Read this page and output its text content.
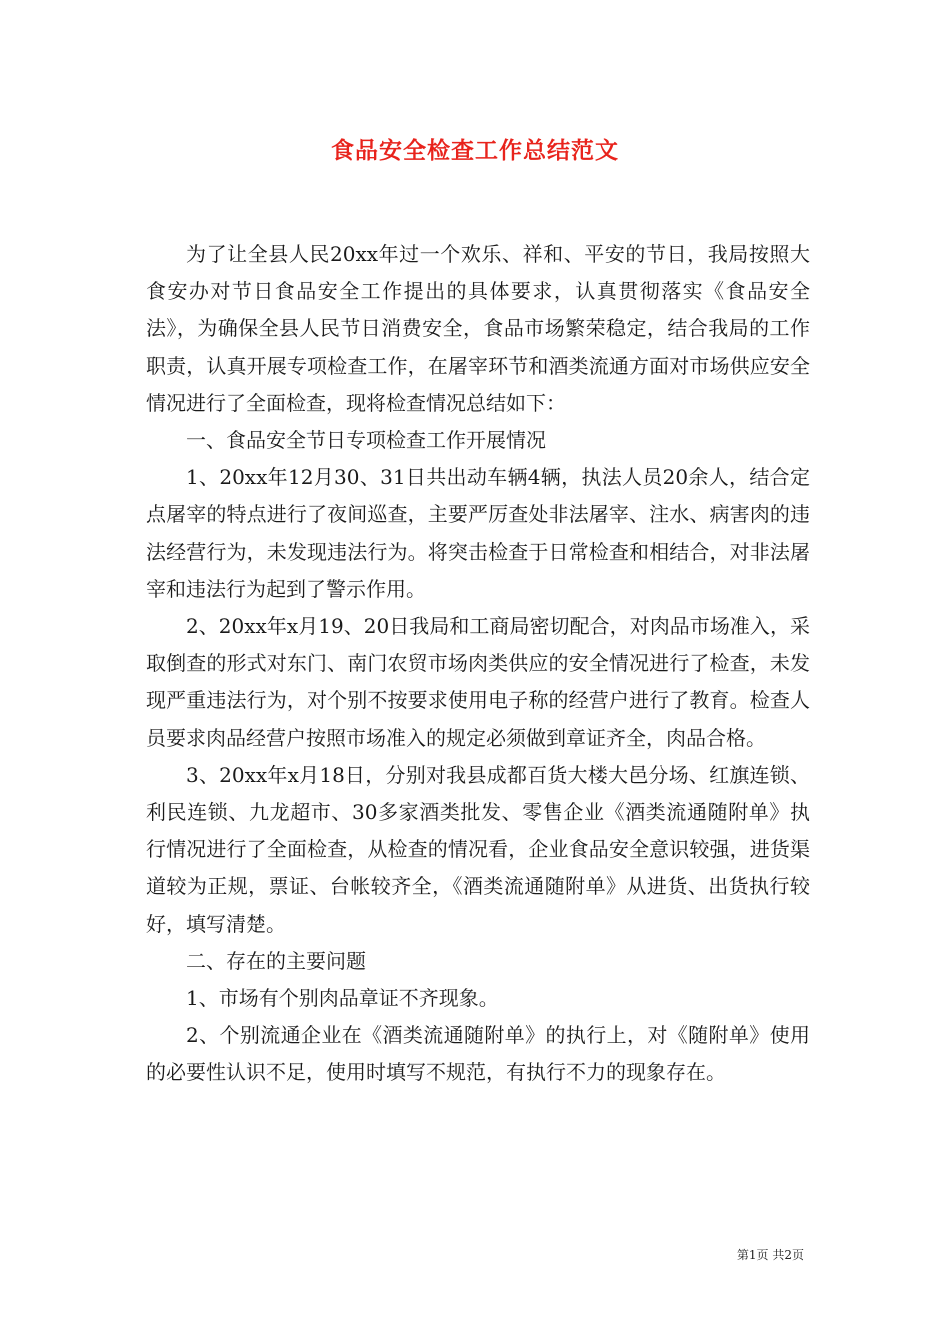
食品安全检查工作总结范文

为了让全县人民20xx年过一个欢乐、祥和、平安的节日，我局按照大食安办对节日食品安全工作提出的具体要求，认真贯彻落实《食品安全法》，为确保全县人民节日消费安全，食品市场繁荣稳定，结合我局的工作职责，认真开展专项检查工作，在屠宰环节和酒类流通方面对市场供应安全情况进行了全面检查，现将检查情况总结如下：

一、食品安全节日专项检查工作开展情况

1、20xx年12月30、31日共出动车辆4辆，执法人员20余人，结合定点屠宰的特点进行了夜间巡查，主要严厉查处非法屠宰、注水、病害肉的违法经营行为，未发现违法行为。将突击检查于日常检查和相结合，对非法屠宰和违法行为起到了警示作用。

2、20xx年x月19、20日我局和工商局密切配合，对肉品市场准入，采取倒查的形式对东门、南门农贸市场肉类供应的安全情况进行了检查，未发现严重违法行为，对个别不按要求使用电子称的经营户进行了教育。检查人员要求肉品经营户按照市场准入的规定必须做到章证齐全，肉品合格。

3、20xx年x月18日，分别对我县成都百货大楼大邑分场、红旗连锁、利民连锁、九龙超市、30多家酒类批发、零售企业《酒类流通随附单》执行情况进行了全面检查，从检查的情况看，企业食品安全意识较强，进货渠道较为正规，票证、台帐较齐全，《酒类流通随附单》从进货、出货执行较好，填写清楚。

二、存在的主要问题

1、市场有个别肉品章证不齐现象。

2、个别流通企业在《酒类流通随附单》的执行上，对《随附单》使用的必要性认识不足，使用时填写不规范，有执行不力的现象存在。

第1页 共2页
